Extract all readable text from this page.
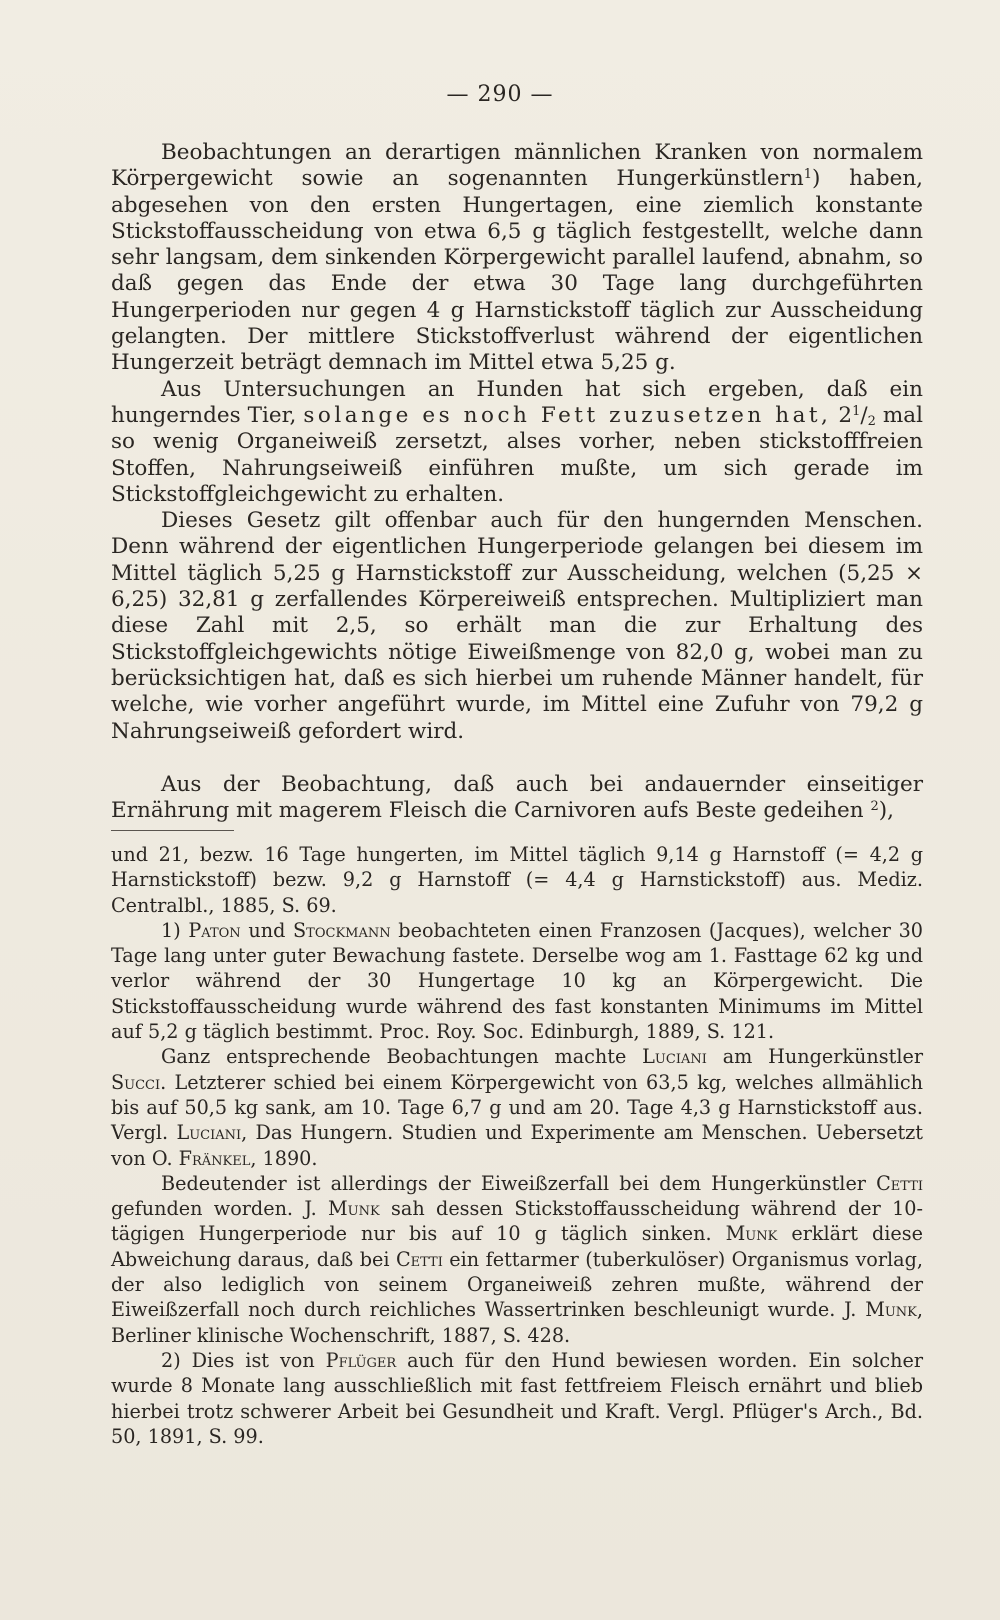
— 290 —

Beobachtungen an derartigen männlichen Kranken von normalem Körpergewicht sowie an sogenannten Hungerkünstlern$^1$) haben, abgesehen von den ersten Hungertagen, eine ziemlich konstante Stickstoffausscheidung von etwa 6,5 g täglich festgestellt, welche dann sehr langsam, dem sinkenden Körpergewicht parallel laufend, abnahm, so daß gegen das Ende der etwa 30 Tage lang durchgeführten Hungerperioden nur gegen 4 g Harnstickstoff täglich zur Ausscheidung gelangten. Der mittlere Stickstoffverlust während der eigentlichen Hungerzeit beträgt demnach im Mittel etwa 5,25 g.

Aus Untersuchungen an Hunden hat sich ergeben, daß ein hungerndes Tier, solange es noch Fett zuzusetzen hat, $2^1/_2$ mal so wenig Organeiweiß zersetzt, alses vorher, neben stickstofffreien Stoffen, Nahrungseiweiß einführen mußte, um sich gerade im Stickstoffgleichgewicht zu erhalten.

Dieses Gesetz gilt offenbar auch für den hungernden Menschen. Denn während der eigentlichen Hungerperiode gelangen bei diesem im Mittel täglich 5,25 g Harnstickstoff zur Ausscheidung, welchen (5,25 × 6,25) 32,81 g zerfallendes Körpereiweiß entsprechen. Multipliziert man diese Zahl mit 2,5, so erhält man die zur Erhaltung des Stickstoffgleichgewichts nötige Eiweißmenge von 82,0 g, wobei man zu berücksichtigen hat, daß es sich hierbei um ruhende Männer handelt, für welche, wie vorher angeführt wurde, im Mittel eine Zufuhr von 79,2 g Nahrungseiweiß gefordert wird.

Aus der Beobachtung, daß auch bei andauernder einseitiger Ernährung mit magerem Fleisch die Carnivoren aufs Beste gedeihen $^2$),

und 21, bezw. 16 Tage hungerten, im Mittel täglich 9,14 g Harnstoff (= 4,2 g Harnstickstoff) bezw. 9,2 g Harnstoff (= 4,4 g Harnstickstoff) aus. Mediz. Centralbl., 1885, S. 69.

1) Paton und Stockmann beobachteten einen Franzosen (Jacques), welcher 30 Tage lang unter guter Bewachung fastete. Derselbe wog am 1. Fasttage 62 kg und verlor während der 30 Hungertage 10 kg an Körpergewicht. Die Stickstoffausscheidung wurde während des fast konstanten Minimums im Mittel auf 5,2 g täglich bestimmt. Proc. Roy. Soc. Edinburgh, 1889, S. 121.

Ganz entsprechende Beobachtungen machte Luciani am Hungerkünstler Succi. Letzterer schied bei einem Körpergewicht von 63,5 kg, welches allmählich bis auf 50,5 kg sank, am 10. Tage 6,7 g und am 20. Tage 4,3 g Harnstickstoff aus. Vergl. Luciani, Das Hungern. Studien und Experimente am Menschen. Uebersetzt von O. Fränkel, 1890.

Bedeutender ist allerdings der Eiweißzerfall bei dem Hungerkünstler Cetti gefunden worden. J. Munk sah dessen Stickstoffausscheidung während der 10-tägigen Hungerperiode nur bis auf 10 g täglich sinken. Munk erklärt diese Abweichung daraus, daß bei Cetti ein fettarmer (tuberkulöser) Organismus vorlag, der also lediglich von seinem Organeiweiß zehren mußte, während der Eiweißzerfall noch durch reichliches Wassertrinken beschleunigt wurde. J. Munk, Berliner klinische Wochenschrift, 1887, S. 428.

2) Dies ist von Pflüger auch für den Hund bewiesen worden. Ein solcher wurde 8 Monate lang ausschließlich mit fast fettfreiem Fleisch ernährt und blieb hierbei trotz schwerer Arbeit bei Gesundheit und Kraft. Vergl. Pflüger's Arch., Bd. 50, 1891, S. 99.
